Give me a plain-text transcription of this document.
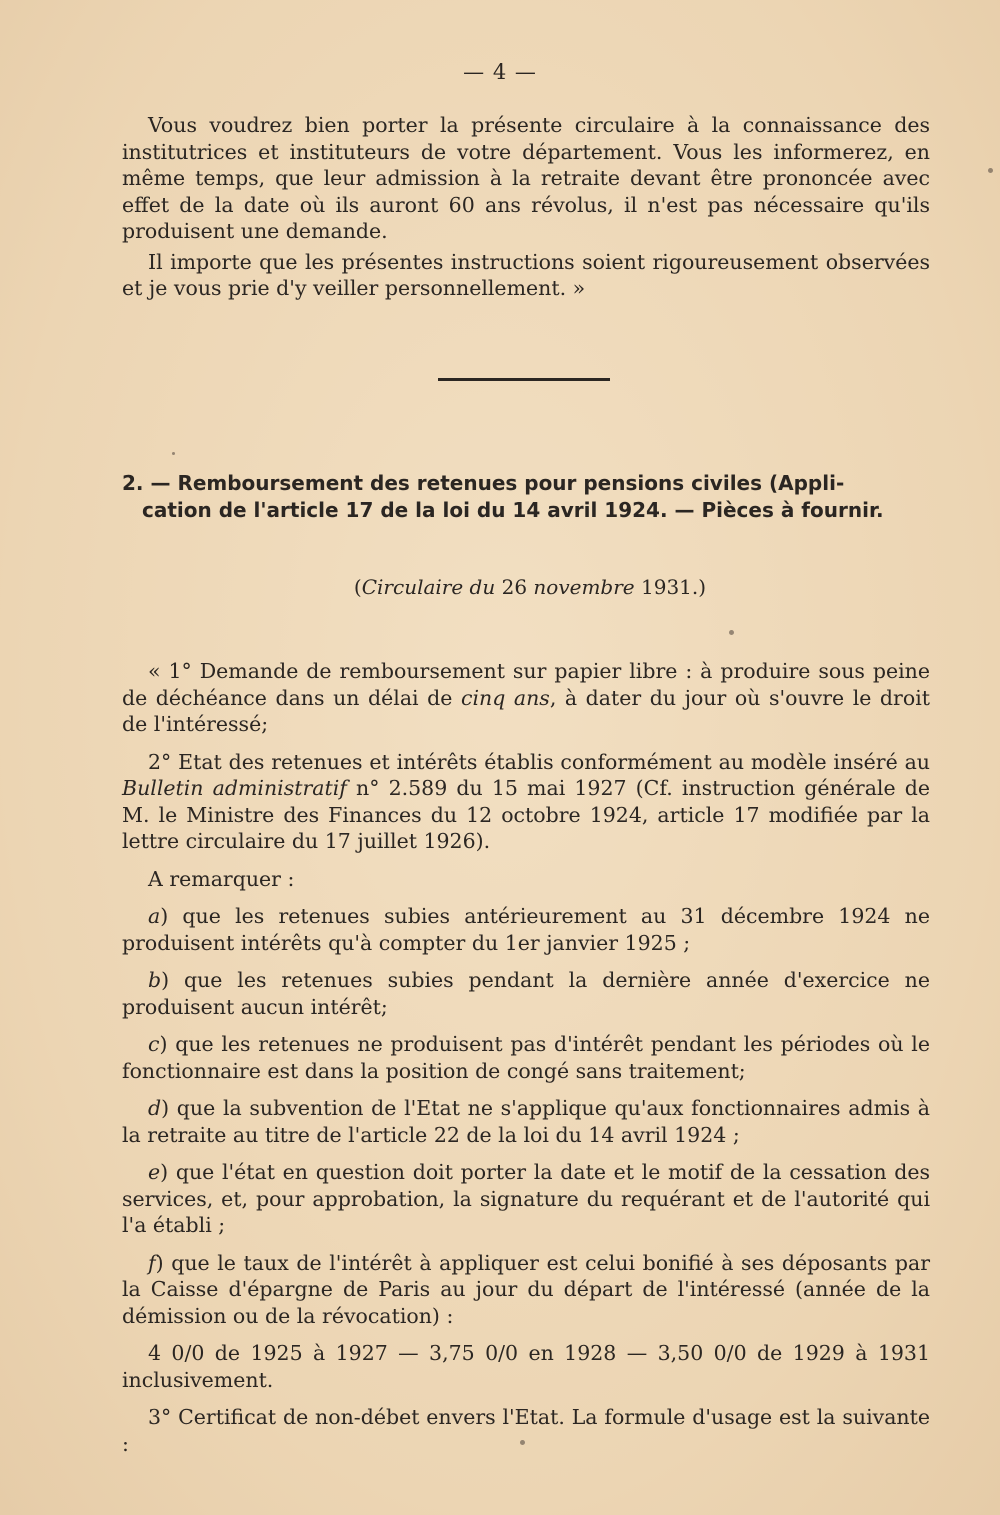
— 4 —

Vous voudrez bien porter la présente circulaire à la connaissance des institutrices et instituteurs de votre département. Vous les informerez, en même temps, que leur admission à la retraite devant être prononcée avec effet de la date où ils auront 60 ans révolus, il n'est pas nécessaire qu'ils produisent une demande.

Il importe que les présentes instructions soient rigoureusement observées et je vous prie d'y veiller personnellement. »

2. — Remboursement des retenues pour pensions civiles (Appli-
cation de l'article 17 de la loi du 14 avril 1924. — Pièces à fournir.
(Circulaire du 26 novembre 1931.)

« 1° Demande de remboursement sur papier libre : à produire sous peine de déchéance dans un délai de cinq ans, à dater du jour où s'ouvre le droit de l'intéressé;

2° Etat des retenues et intérêts établis conformément au modèle inséré au Bulletin administratif n° 2.589 du 15 mai 1927 (Cf. instruction générale de M. le Ministre des Finances du 12 octobre 1924, article 17 modifiée par la lettre circulaire du 17 juillet 1926).

A remarquer :

a) que les retenues subies antérieurement au 31 décembre 1924 ne produisent intérêts qu'à compter du 1er janvier 1925 ;

b) que les retenues subies pendant la dernière année d'exercice ne produisent aucun intérêt;

c) que les retenues ne produisent pas d'intérêt pendant les périodes où le fonctionnaire est dans la position de congé sans traitement;

d) que la subvention de l'Etat ne s'applique qu'aux fonctionnaires admis à la retraite au titre de l'article 22 de la loi du 14 avril 1924 ;

e) que l'état en question doit porter la date et le motif de la cessation des services, et, pour approbation, la signature du requérant et de l'autorité qui l'a établi ;

f) que le taux de l'intérêt à appliquer est celui bonifié à ses déposants par la Caisse d'épargne de Paris au jour du départ de l'intéressé (année de la démission ou de la révocation) :

4 0/0 de 1925 à 1927 — 3,75 0/0 en 1928 — 3,50 0/0 de 1929 à 1931 inclusivement.

3° Certificat de non-débet envers l'Etat. La formule d'usage est la suivante :
